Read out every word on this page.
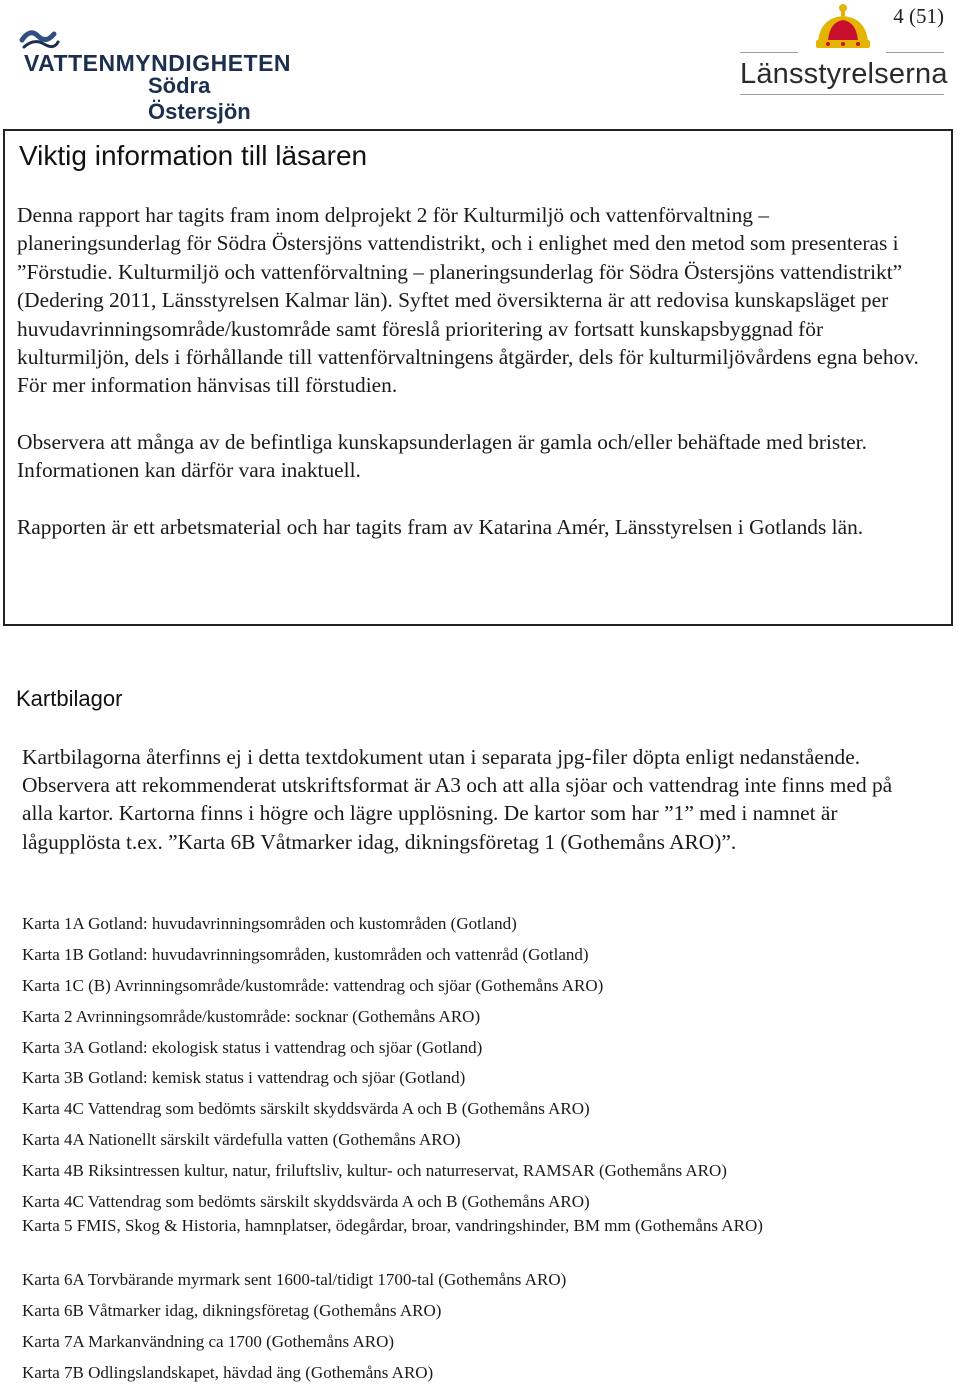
4 (51)
VATTENMYNDIGHETEN
Södra Östersjön
Länsstyrelserna
Viktig information till läsaren

Denna rapport har tagits fram inom delprojekt 2 för Kulturmiljö och vattenförvaltning – planeringsunderlag för Södra Östersjöns vattendistrikt, och i enlighet med den metod som presenteras i ”Förstudie. Kulturmiljö och vattenförvaltning – planeringsunderlag för Södra Östersjöns vattendistrikt” (Dedering 2011, Länsstyrelsen Kalmar län). Syftet med översikterna är att redovisa kunskapsläget per huvudavrinningsområde/kustområde samt föreslå prioritering av fortsatt kunskapsbyggnad för kulturmiljön, dels i förhållande till vattenförvaltningens åtgärder, dels för kulturmiljövårdens egna behov. För mer information hänvisas till förstudien.

Observera att många av de befintliga kunskapsunderlagen är gamla och/eller behäftade med brister. Informationen kan därför vara inaktuell.

Rapporten är ett arbetsmaterial och har tagits fram av Katarina Amér, Länsstyrelsen i Gotlands län.

Kartbilagor

Kartbilagorna återfinns ej i detta textdokument utan i separata jpg-filer döpta enligt nedanstående. Observera att rekommenderat utskriftsformat är A3 och att alla sjöar och vattendrag inte finns med på alla kartor. Kartorna finns i högre och lägre upplösning. De kartor som har ”1” med i namnet är lågupplösta t.ex. ”Karta 6B Våtmarker idag, dikningsföretag 1 (Gothemåns ARO)”.

Karta 1A Gotland: huvudavrinningsområden och kustområden (Gotland)
Karta 1B Gotland: huvudavrinningsområden, kustområden och vattenråd (Gotland)
Karta 1C (B) Avrinningsområde/kustområde: vattendrag och sjöar (Gothemåns ARO)
Karta 2 Avrinningsområde/kustområde: socknar (Gothemåns ARO)
Karta 3A Gotland: ekologisk status i vattendrag och sjöar (Gotland)
Karta 3B Gotland: kemisk status i vattendrag och sjöar (Gotland)
Karta 4C Vattendrag som bedömts särskilt skyddsvärda A och B (Gothemåns ARO)
Karta 4A Nationellt särskilt värdefulla vatten (Gothemåns ARO)
Karta 4B Riksintressen kultur, natur, friluftsliv, kultur- och naturreservat, RAMSAR (Gothemåns ARO)
Karta 4C Vattendrag som bedömts särskilt skyddsvärda A och B (Gothemåns ARO)
Karta 5 FMIS, Skog & Historia, hamnplatser, ödegårdar, broar, vandringshinder, BM mm (Gothemåns ARO)
Karta 6A Torvbärande myrmark sent 1600-tal/tidigt 1700-tal (Gothemåns ARO)
Karta 6B Våtmarker idag, dikningsföretag (Gothemåns ARO)
Karta 7A Markanvändning ca 1700 (Gothemåns ARO)
Karta 7B Odlingslandskapet, hävdad äng (Gothemåns ARO)
